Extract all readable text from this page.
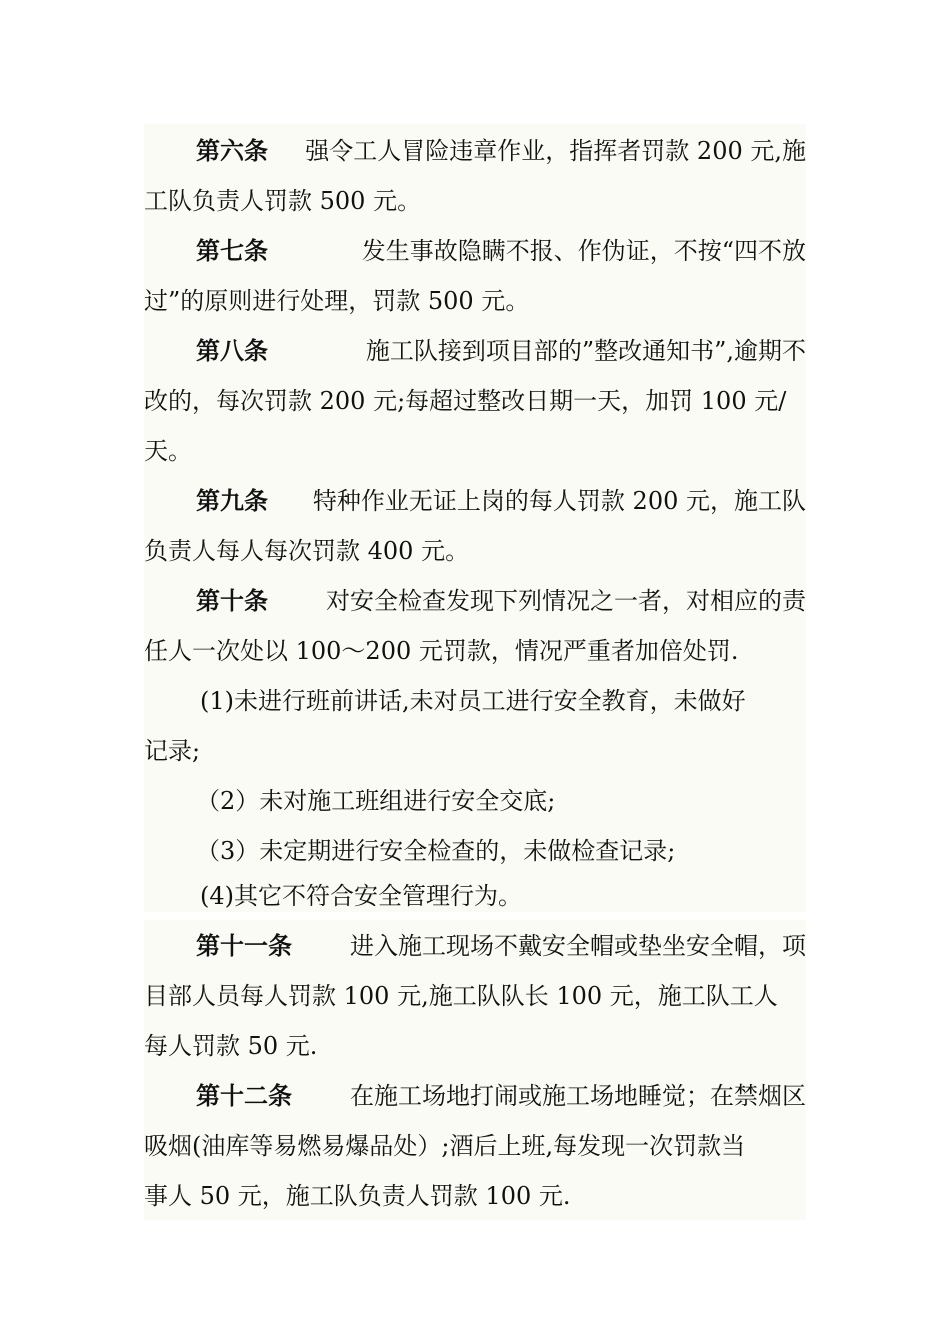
第六条 强令工人冒险违章作业，指挥者罚款 200 元,施
工队负责人罚款 500 元。
第七条	发生事故隐瞒不报、作伪证，不按“四不放
过”的原则进行处理，罚款 500 元。
第八条	施工队接到项目部的”整改通知书”,逾期不
改的，每次罚款 200 元;每超过整改日期一天，加罚 100 元/
天。
第九条 特种作业无证上岗的每人罚款 200 元，施工队
负责人每人每次罚款 400 元。
第十条 对安全检查发现下列情况之一者，对相应的责
任人一次处以 100～200 元罚款，情况严重者加倍处罚.
(1)未进行班前讲话,未对员工进行安全教育，未做好
记录;
（2）未对施工班组进行安全交底;
（3）未定期进行安全检查的，未做检查记录;
(4)其它不符合安全管理行为。
第十一条 进入施工现场不戴安全帽或垫坐安全帽，项
目部人员每人罚款 100 元,施工队队长 100 元，施工队工人
每人罚款 50 元.
第十二条 在施工场地打闹或施工场地睡觉；在禁烟区
吸烟(油库等易燃易爆品处）;酒后上班,每发现一次罚款当
事人 50 元，施工队负责人罚款 100 元.
